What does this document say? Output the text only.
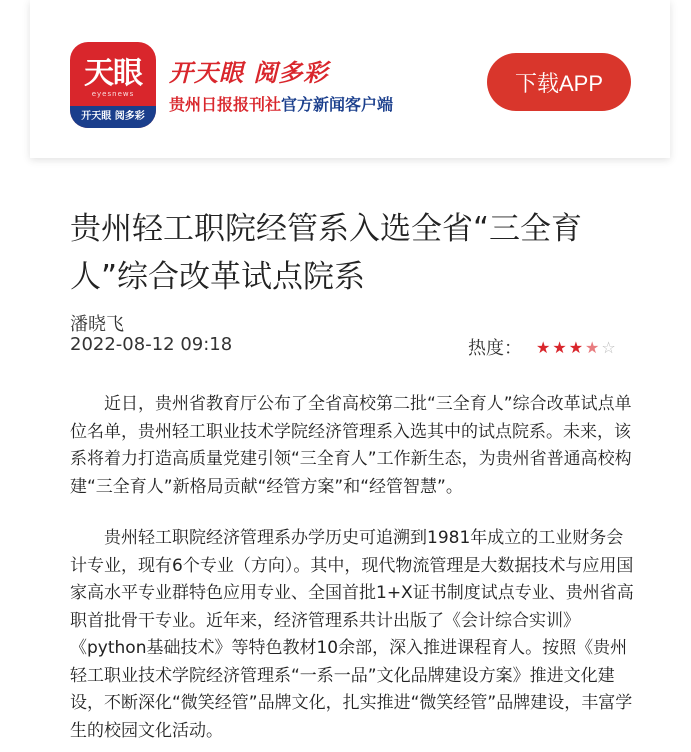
天眼
eyesnews
开天眼 阅多彩
开天眼 阅多彩
贵州日报报刊社官方新闻客户端
下载APP
贵州轻工职院经管系入选全省“三全育人”综合改革试点院系
潘晓飞
2022-08-12 09:18	热度： ★★★★☆

近日，贵州省教育厅公布了全省高校第二批“三全育人”综合改革试点单位名单，贵州轻工职业技术学院经济管理系入选其中的试点院系。未来，该系将着力打造高质量党建引领“三全育人”工作新生态，为贵州省普通高校构建“三全育人”新格局贡献“经管方案”和“经管智慧”。

贵州轻工职院经济管理系办学历史可追溯到1981年成立的工业财务会计专业，现有6个专业（方向）。其中，现代物流管理是大数据技术与应用国家高水平专业群特色应用专业、全国首批1+X证书制度试点专业、贵州省高职首批骨干专业。近年来，经济管理系共计出版了《会计综合实训》《python基础技术》等特色教材10余部，深入推进课程育人。按照《贵州轻工职业技术学院经济管理系“一系一品”文化品牌建设方案》推进文化建设，不断深化“微笑经管”品牌文化，扎实推进“微笑经管”品牌建设，丰富学生的校园文化活动。
